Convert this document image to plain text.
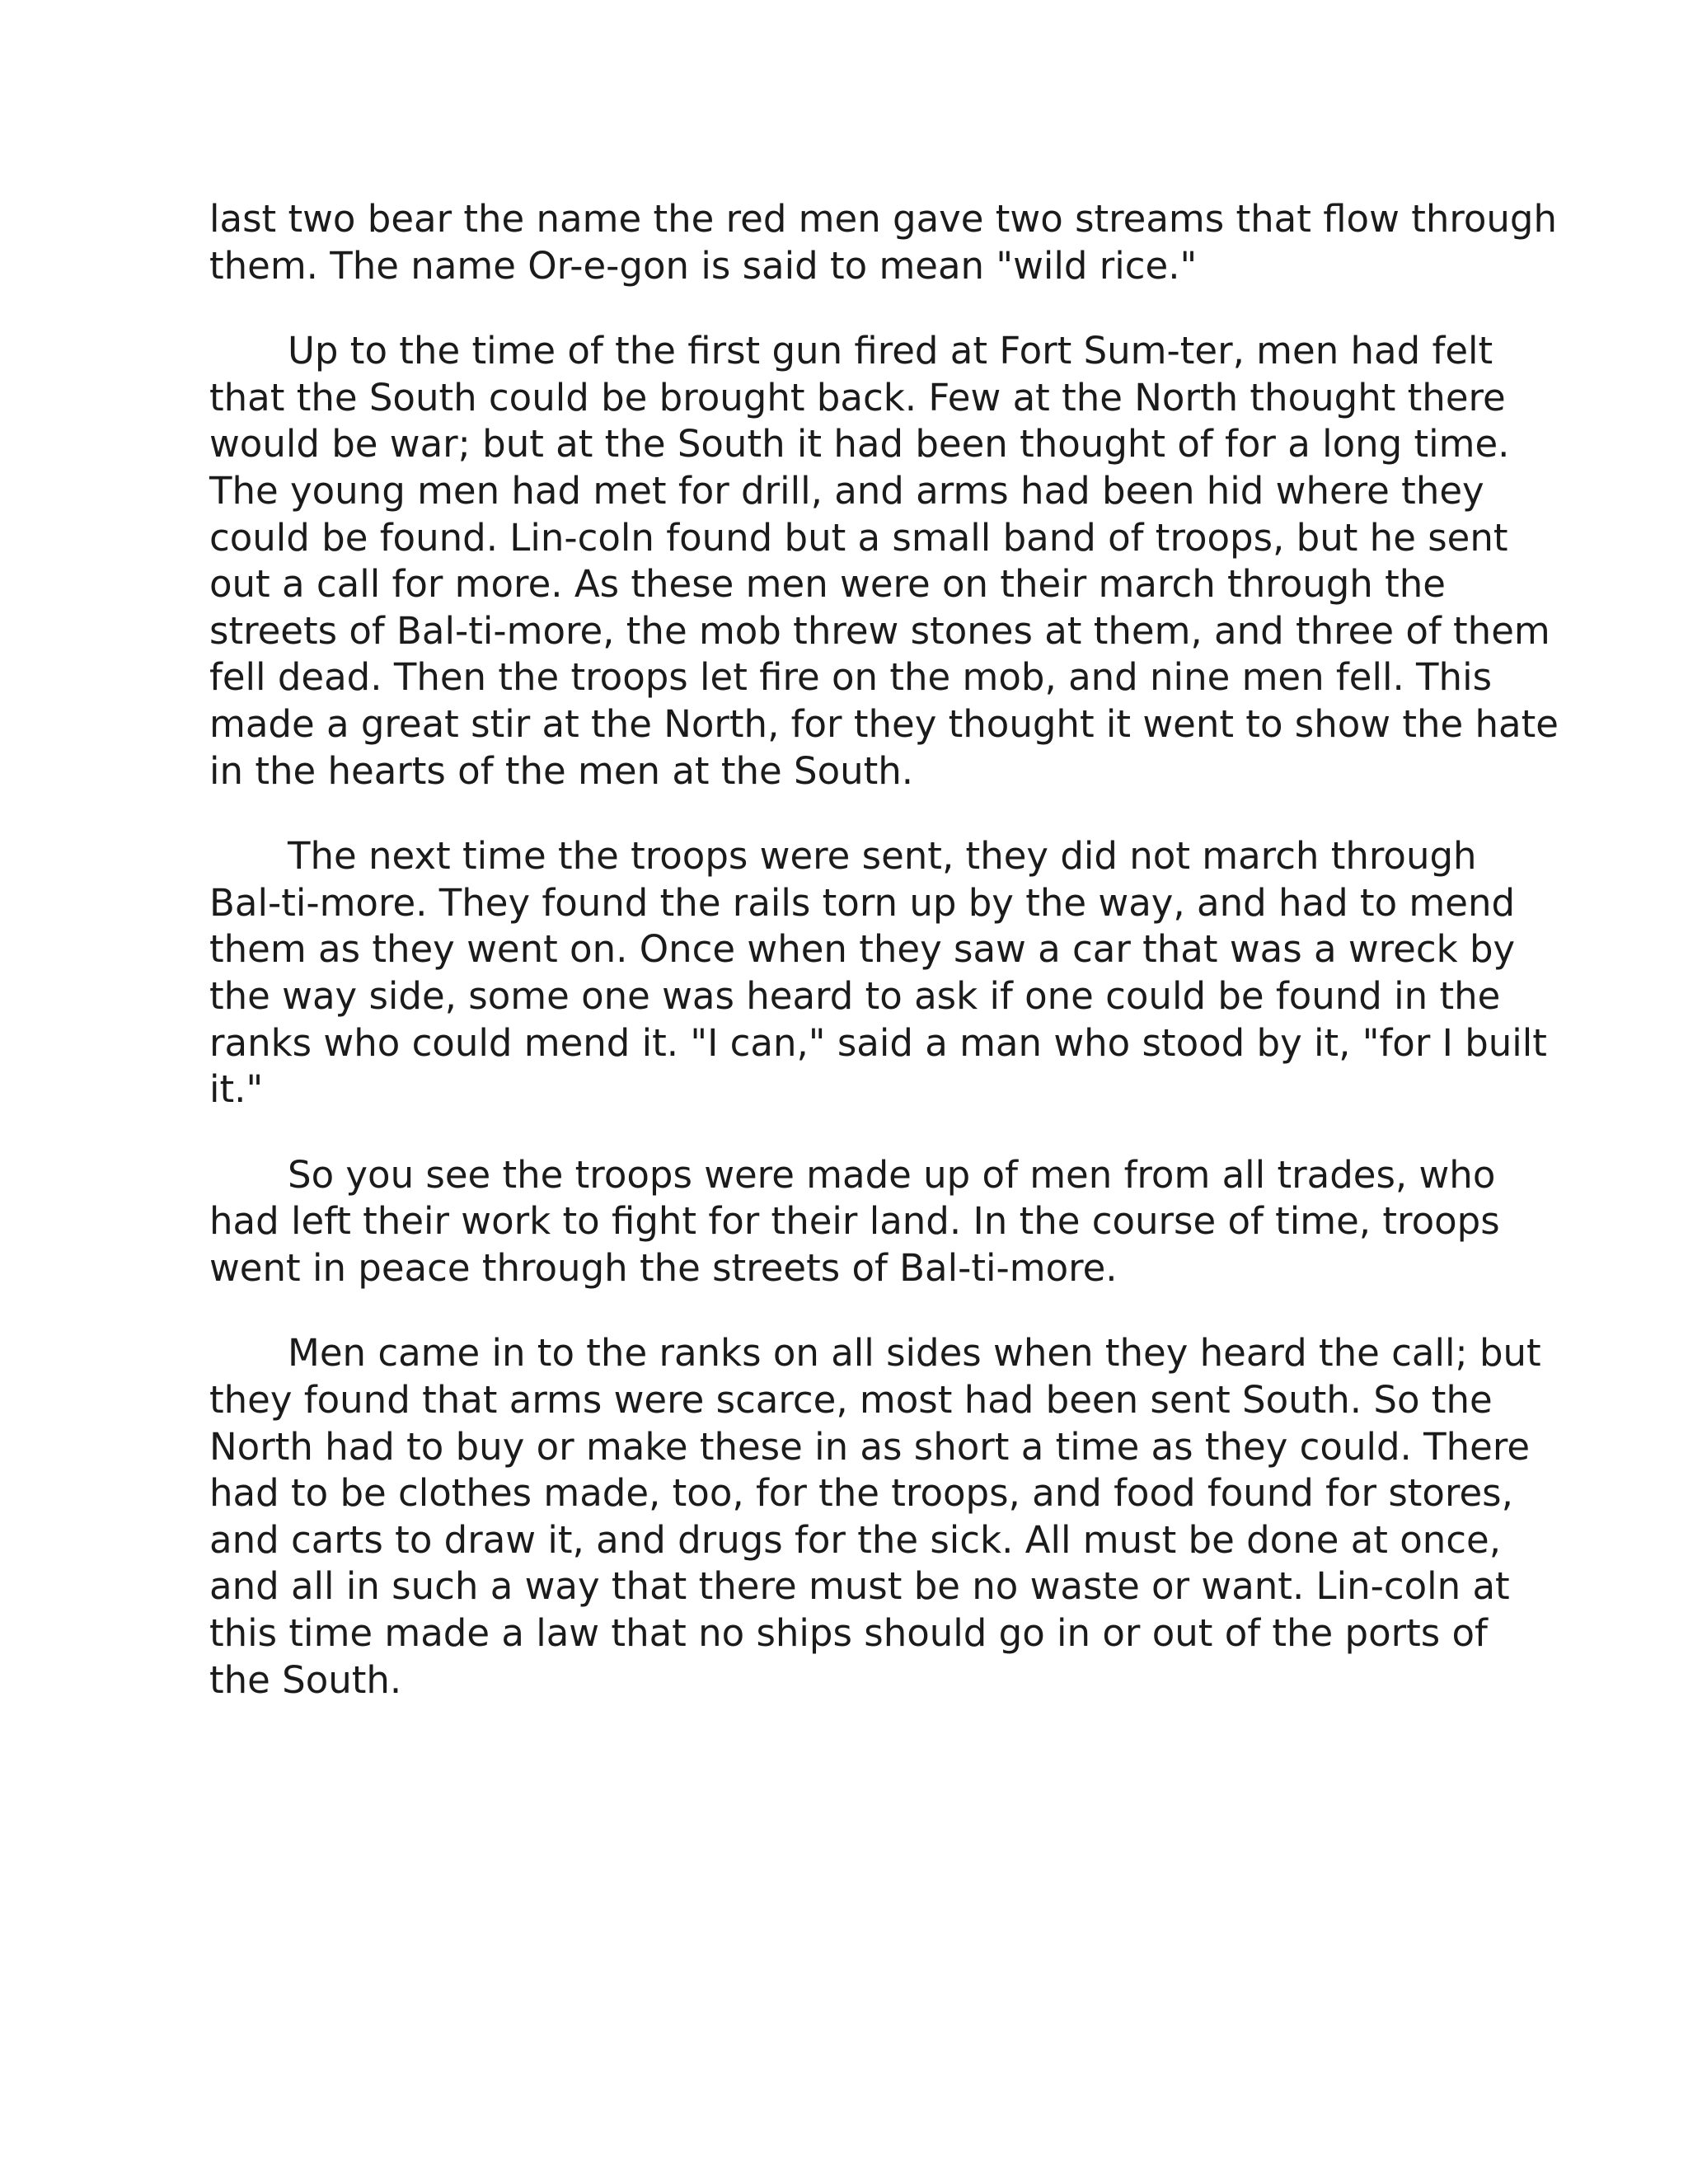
last two bear the name the red men gave two streams that flow through
them. The name Or-e-gon is said to mean "wild rice."

Up to the time of the first gun fired at Fort Sum-ter, men had felt
that the South could be brought back. Few at the North thought there
would be war; but at the South it had been thought of for a long time.
The young men had met for drill, and arms had been hid where they
could be found. Lin-coln found but a small band of troops, but he sent
out a call for more. As these men were on their march through the
streets of Bal-ti-more, the mob threw stones at them, and three of them
fell dead. Then the troops let fire on the mob, and nine men fell. This
made a great stir at the North, for they thought it went to show the hate
in the hearts of the men at the South.

The next time the troops were sent, they did not march through
Bal-ti-more. They found the rails torn up by the way, and had to mend
them as they went on. Once when they saw a car that was a wreck by
the way side, some one was heard to ask if one could be found in the
ranks who could mend it. "I can," said a man who stood by it, "for I built
it."

So you see the troops were made up of men from all trades, who
had left their work to fight for their land. In the course of time, troops
went in peace through the streets of Bal-ti-more.

Men came in to the ranks on all sides when they heard the call; but
they found that arms were scarce, most had been sent South. So the
North had to buy or make these in as short a time as they could. There
had to be clothes made, too, for the troops, and food found for stores,
and carts to draw it, and drugs for the sick. All must be done at once,
and all in such a way that there must be no waste or want. Lin-coln at
this time made a law that no ships should go in or out of the ports of
the South.
